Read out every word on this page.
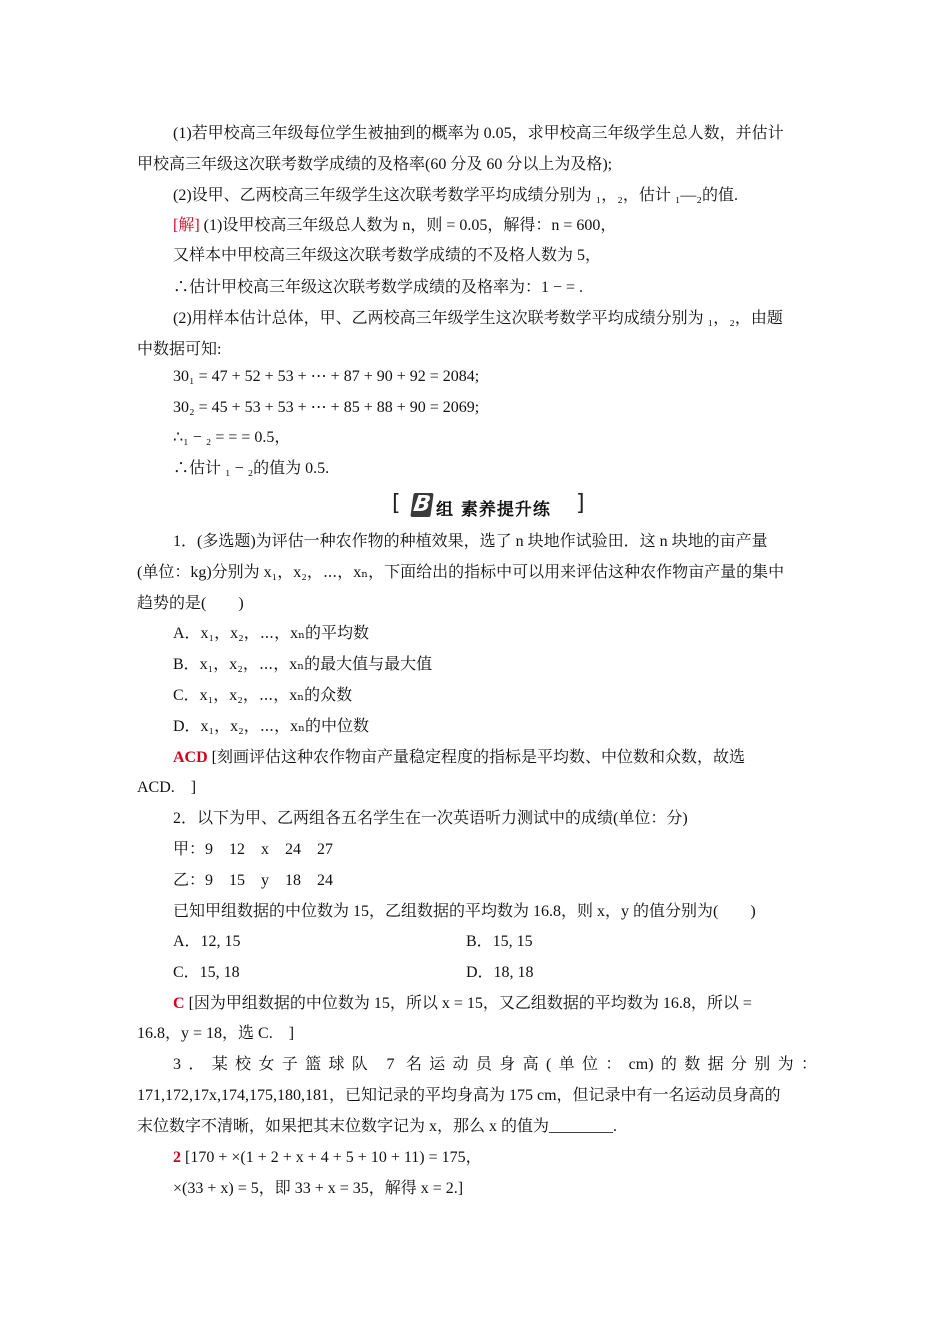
(1)若甲校高三年级每位学生被抽到的概率为 0.05，求甲校高三年级学生总人数，并估计
甲校高三年级这次联考数学成绩的及格率(60 分及 60 分以上为及格);
(2)设甲、乙两校高三年级学生这次联考数学平均成绩分别为 ₁，₂，估计 ₁—₂的值.
[解] (1)设甲校高三年级总人数为 n，则 = 0.05，解得：n = 600，
又样本中甲校高三年级这次联考数学成绩的不及格人数为 5，
∴估计甲校高三年级这次联考数学成绩的及格率为：1 − = .
(2)用样本估计总体，甲、乙两校高三年级学生这次联考数学平均成绩分别为 ₁，₂，由题
中数据可知:
30₁ = 47 + 52 + 53 + ⋯ + 87 + 90 + 92 = 2084;
30₂ = 45 + 53 + 53 + ⋯ + 85 + 88 + 90 = 2069;
∴₁ − ₂ = = = 0.5，
∴估计 ₁ − ₂的值为 0.5.
[ B 组 素养提升练 ]
1．(多选题)为评估一种农作物的种植效果，选了 n 块地作试验田．这 n 块地的亩产量
(单位：kg)分别为 x₁，x₂，⋯，xₙ，下面给出的指标中可以用来评估这种农作物亩产量的集中
趋势的是(　　)
A．x₁，x₂，⋯，xₙ的平均数
B．x₁，x₂，⋯，xₙ的最大值与最大值
C．x₁，x₂，⋯，xₙ的众数
D．x₁，x₂，⋯，xₙ的中位数
ACD [刻画评估这种农作物亩产量稳定程度的指标是平均数、中位数和众数，故选
ACD.　]
2．以下为甲、乙两组各五名学生在一次英语听力测试中的成绩(单位：分)
甲：9　12　x　24　27
乙：9　15　y　18　24
已知甲组数据的中位数为 15，乙组数据的平均数为 16.8，则 x，y 的值分别为(　　)
A．12, 15	B．15, 15
C．15, 18	D．18, 18
C [因为甲组数据的中位数为 15，所以 x = 15，又乙组数据的平均数为 16.8，所以 =
16.8，y = 18，选 C.　]
3．某校女子篮球队 7 名运动员身高(单位：cm)的数据分别为：
171,172,17x,174,175,180,181，已知记录的平均身高为 175 cm，但记录中有一名运动员身高的
末位数字不清晰，如果把其末位数字记为 x，那么 x 的值为________.
2 [170 + ×(1 + 2 + x + 4 + 5 + 10 + 11) = 175，
×(33 + x) = 5，即 33 + x = 35，解得 x = 2.]
